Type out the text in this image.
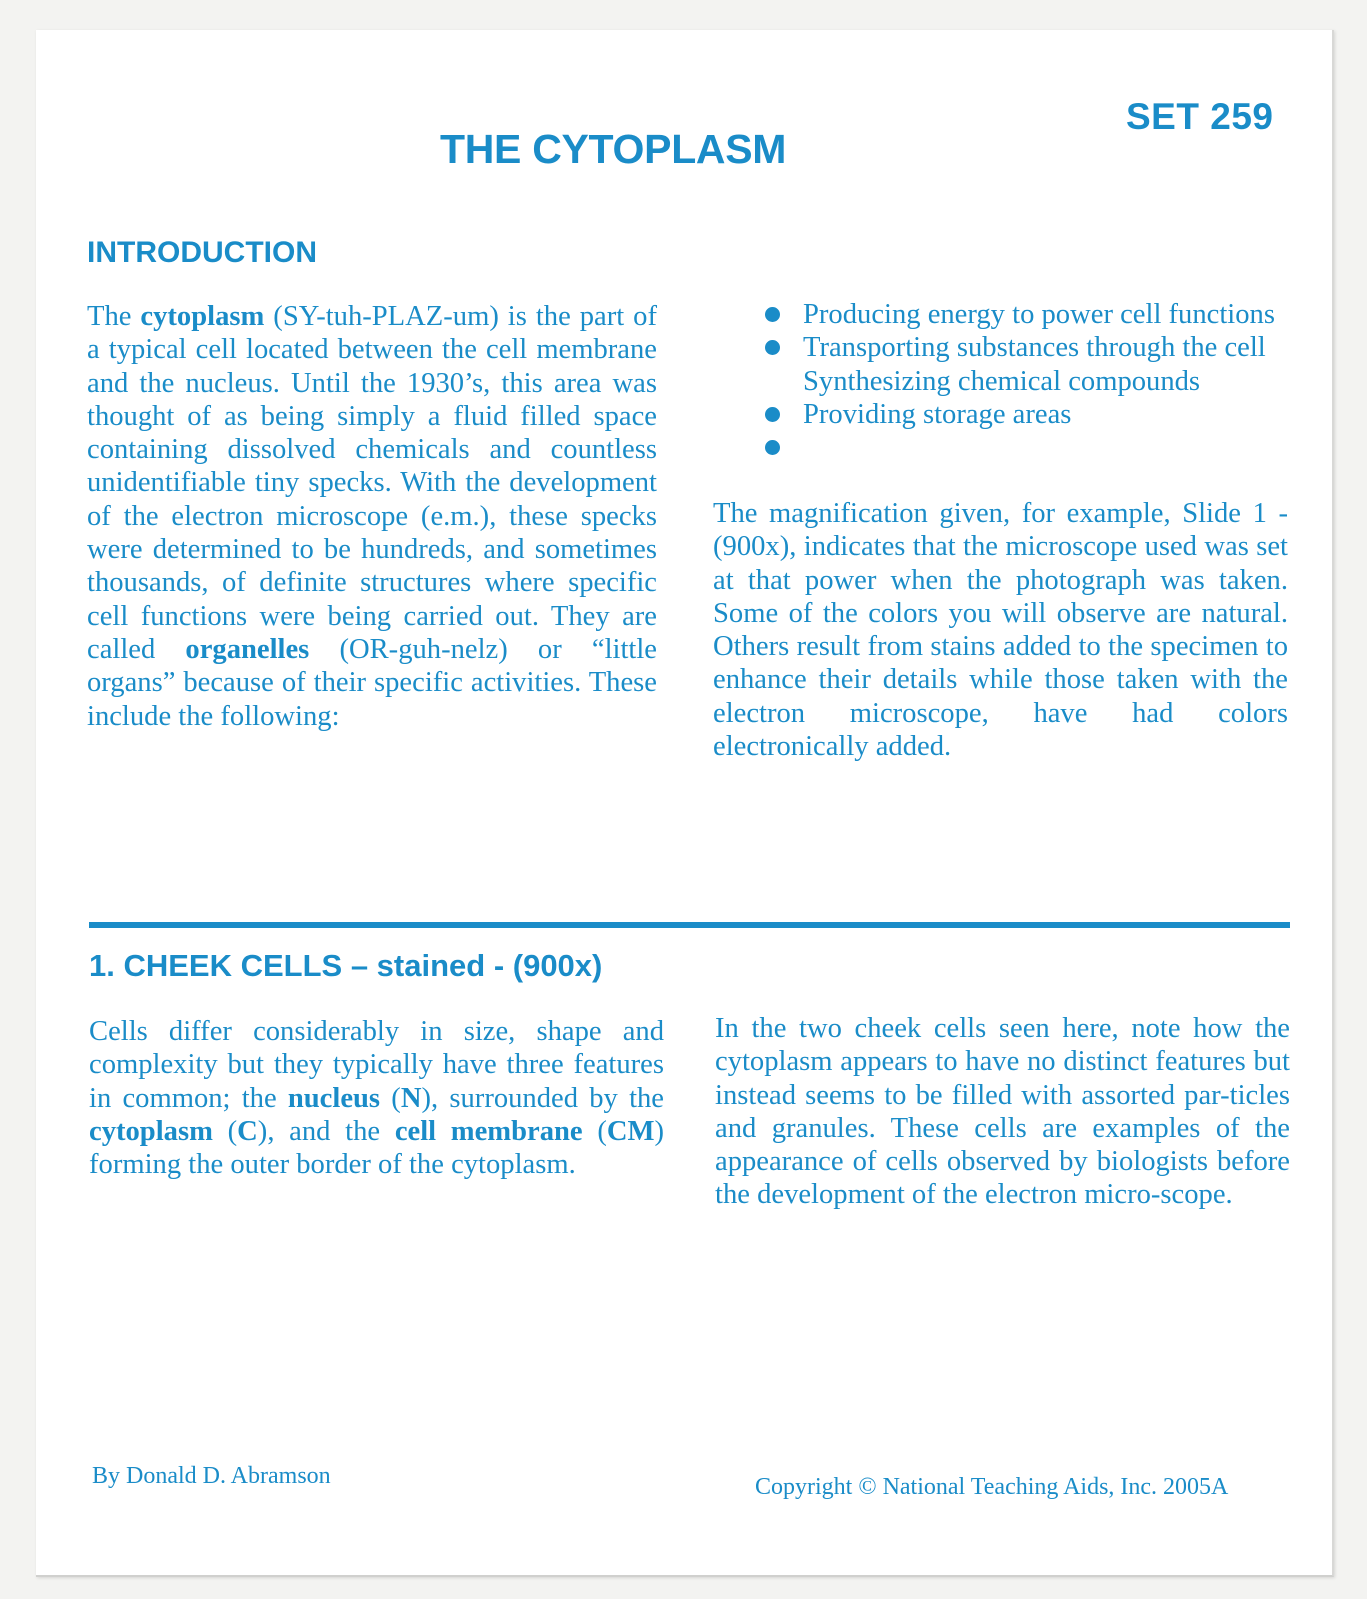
SET 259
THE CYTOPLASM
INTRODUCTION
The cytoplasm (SY-tuh-PLAZ-um) is the part of a typical cell located between the cell membrane and the nucleus. Until the 1930’s, this area was thought of as being simply a fluid filled space containing dissolved chemicals and countless unidentifiable tiny specks. With the development of the electron microscope (e.m.), these specks were determined to be hundreds, and sometimes thousands, of definite structures where specific cell functions were being carried out. They are called organelles (OR-guh-nelz) or “little organs” because of their specific activities. These include the following:
Producing energy to power cell functions
Transporting substances through the cell
Synthesizing chemical compounds
Providing storage areas
The magnification given, for example, Slide 1 - (900x), indicates that the microscope used was set at that power when the photograph was taken. Some of the colors you will observe are natural. Others result from stains added to the specimen to enhance their details while those taken with the electron microscope, have had colors electronically added.
1. CHEEK CELLS – stained - (900x)
Cells differ considerably in size, shape and complexity but they typically have three features in common; the nucleus (N), surrounded by the cytoplasm (C), and the cell membrane (CM) forming the outer border of the cytoplasm.
In the two cheek cells seen here, note how the cytoplasm appears to have no distinct features but instead seems to be filled with assorted par-ticles and granules. These cells are examples of the appearance of cells observed by biologists before the development of the electron micro-scope.
By Donald D. Abramson	Copyright © National Teaching Aids, Inc. 2005A
